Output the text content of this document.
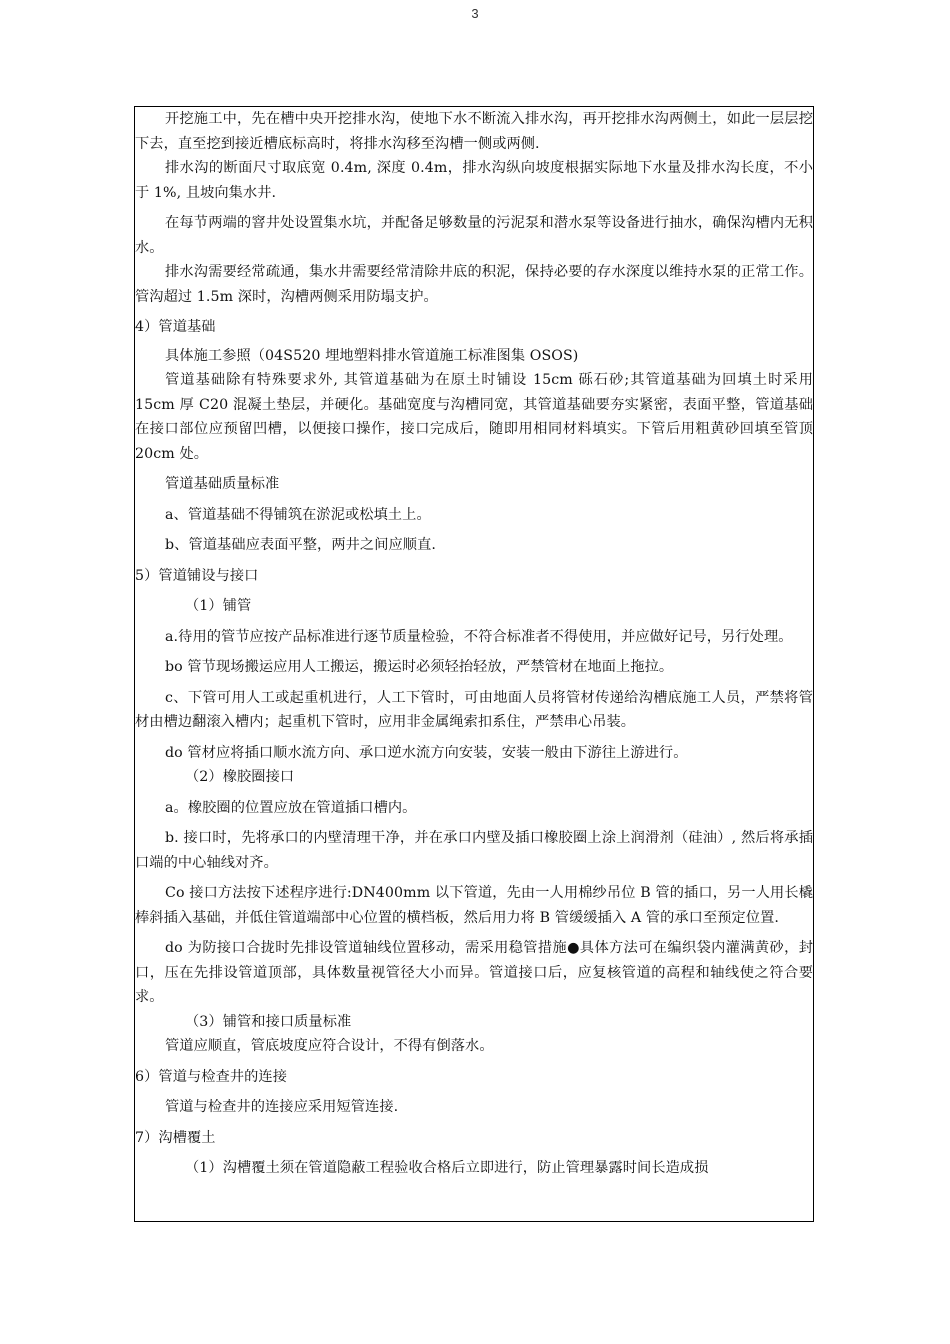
3

开挖施工中，先在槽中央开挖排水沟，使地下水不断流入排水沟，再开挖排水沟两侧土，如此一层层挖下去，直至挖到接近槽底标高时，将排水沟移至沟槽一侧或两侧.

排水沟的断面尺寸取底宽 0.4m, 深度 0.4m，排水沟纵向坡度根据实际地下水量及排水沟长度，不小于 1%, 且坡向集水井.

在每节两端的窨井处设置集水坑，并配备足够数量的污泥泵和潜水泵等设备进行抽水，确保沟槽内无积水。

排水沟需要经常疏通，集水井需要经常清除井底的积泥，保持必要的存水深度以维持水泵的正常工作。管沟超过 1.5m 深时，沟槽两侧采用防塌支护。

4）管道基础

具体施工参照（04S520 埋地塑料排水管道施工标准图集 OSOS)

管道基础除有特殊要求外, 其管道基础为在原土时铺设 15cm 砾石砂;其管道基础为回填土时采用 15cm 厚 C20 混凝土垫层，并硬化。基础宽度与沟槽同宽，其管道基础要夯实紧密，表面平整，管道基础在接口部位应预留凹槽，以便接口操作，接口完成后，随即用相同材料填实。下管后用粗黄砂回填至管顶 20cm 处。

管道基础质量标准

a、管道基础不得铺筑在淤泥或松填土上。

b、管道基础应表面平整，两井之间应顺直.

5）管道铺设与接口

（1）铺管

a.待用的管节应按产品标准进行逐节质量检验，不符合标准者不得使用，并应做好记号，另行处理。

bo 管节现场搬运应用人工搬运，搬运时必须轻抬轻放，严禁管材在地面上拖拉。

c、下管可用人工或起重机进行，人工下管时，可由地面人员将管材传递给沟槽底施工人员，严禁将管材由槽边翻滚入槽内；起重机下管时，应用非金属绳索扣系住，严禁串心吊装。

do 管材应将插口顺水流方向、承口逆水流方向安装，安装一般由下游往上游进行。

（2）橡胶圈接口

a。橡胶圈的位置应放在管道插口槽内。

b. 接口时，先将承口的内壁清理干净，并在承口内壁及插口橡胶圈上涂上润滑剂（硅油）, 然后将承插口端的中心轴线对齐。

Co 接口方法按下述程序进行:DN400mm 以下管道，先由一人用棉纱吊位 B 管的插口，另一人用长橇棒斜插入基础，并低住管道端部中心位置的横档板，然后用力将 B 管缓缓插入 A 管的承口至预定位置.

do 为防接口合拢时先排设管道轴线位置移动，需采用稳管措施●具体方法可在编织袋内灌满黄砂，封口，压在先排设管道顶部，具体数量视管径大小而异。管道接口后，应复核管道的高程和轴线使之符合要求。

（3）铺管和接口质量标准

管道应顺直，管底坡度应符合设计，不得有倒落水。

6）管道与检查井的连接

管道与检查井的连接应采用短管连接.

7）沟槽覆土

（1）沟槽覆土须在管道隐蔽工程验收合格后立即进行，防止管理暴露时间长造成损
